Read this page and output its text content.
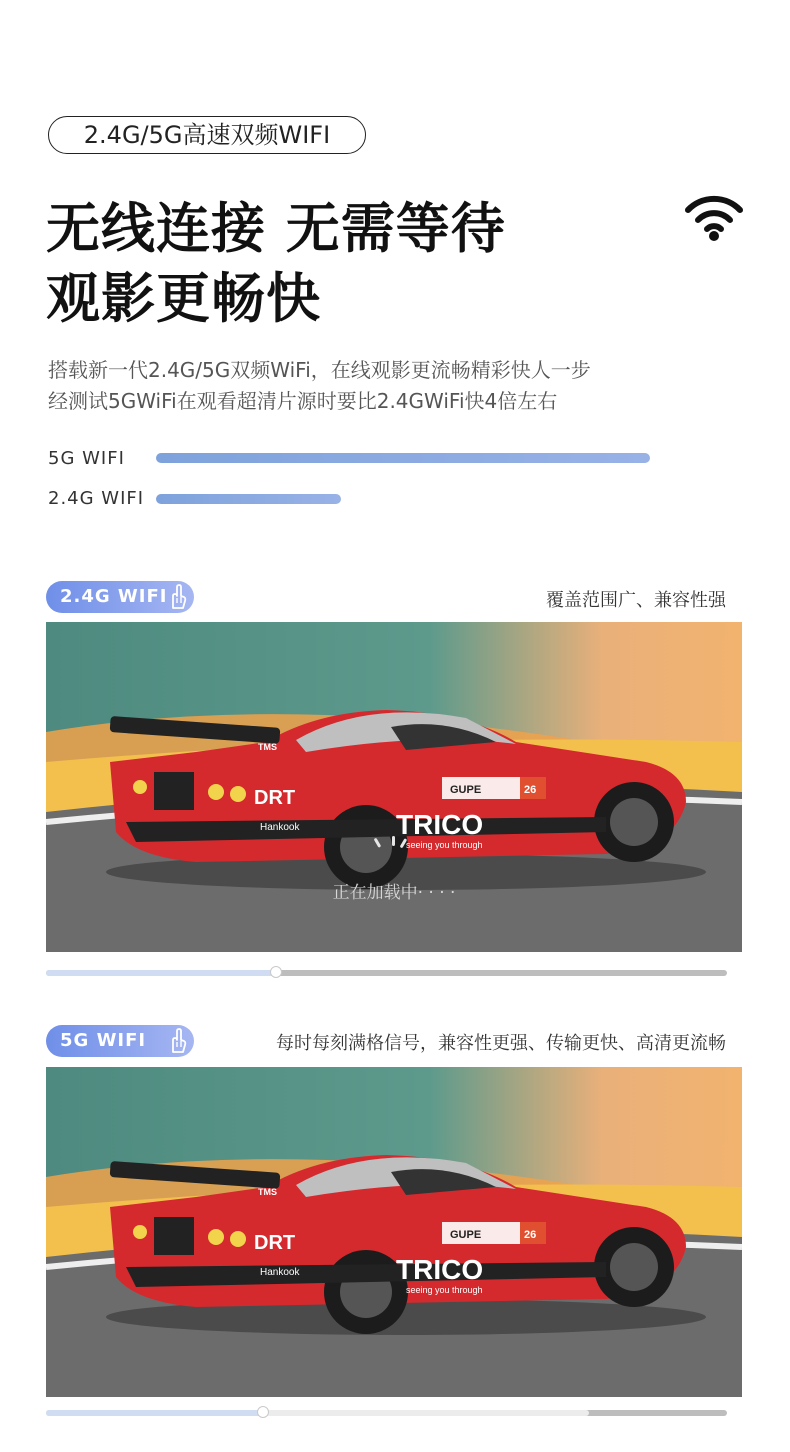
2.4G/5G高速双频WIFI
无线连接 无需等待
观影更畅快
搭载新一代2.4G/5G双频WiFi，在线观影更流畅精彩快人一步
经测试5GWiFi在观看超清片源时要比2.4GWiFi快4倍左右
5G WIFI
2.4G WIFI
2.4G WIFI	覆盖范围广、兼容性强
DRT
Hankook	TRICO
seeing you through
GUPE	26
TMS
正在加载中· · · ·
5G WIFI	每时每刻满格信号，兼容性更强、传输更快、高清更流畅
DRT
Hankook	TRICO
seeing you through
GUPE	26
TMS
